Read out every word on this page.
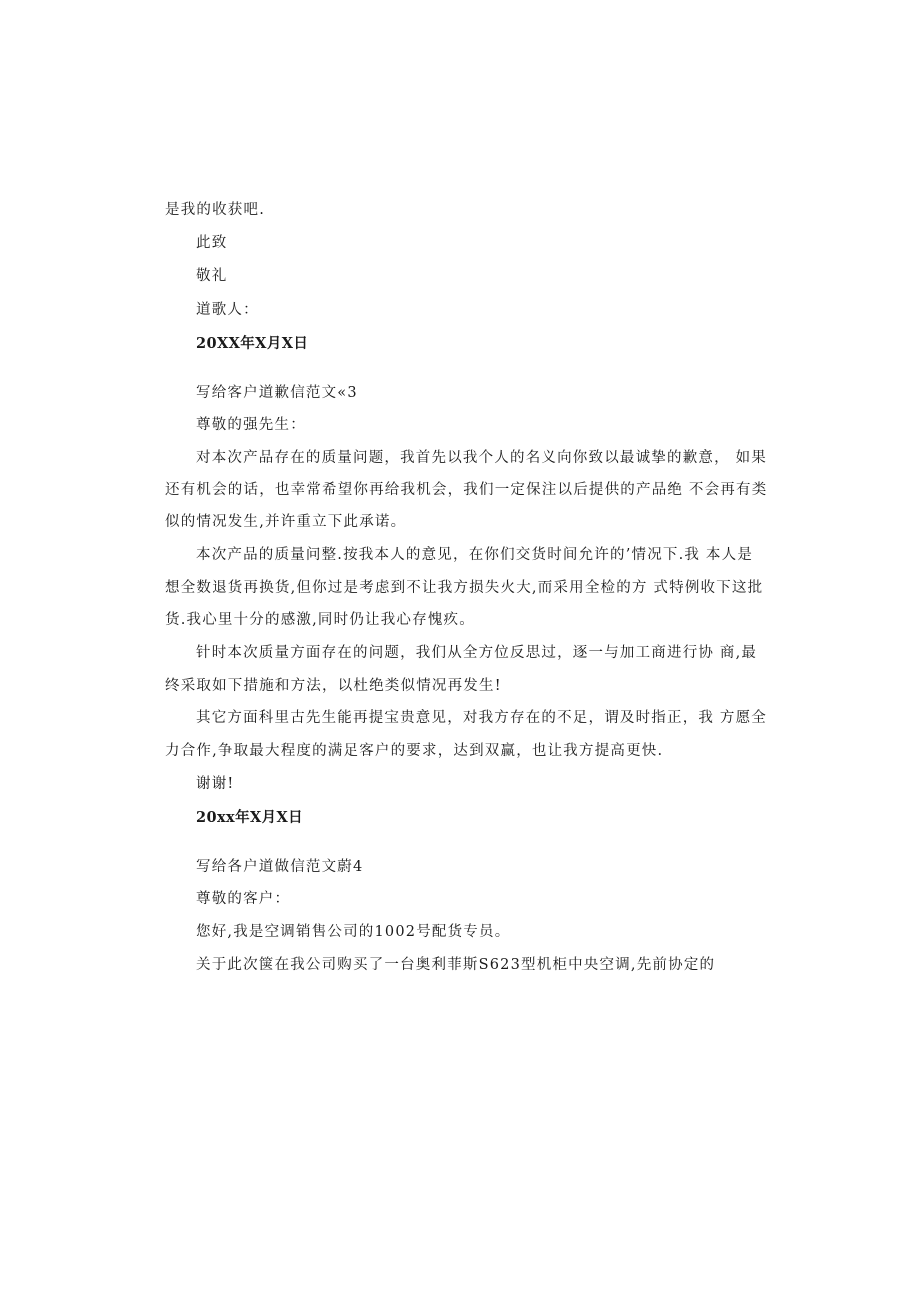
是我的收获吧.
此致
敬礼
道歌人：
20XX年X月X日
写给客户道歉信范文«3
尊敬的强先生：
对本次产品存在的质量问题，我首先以我个人的名义向你致以最诚挚的歉意， 如果
还有机会的话，也幸常希望你再给我机会，我们一定保注以后提供的产品绝 不会再有类
似的情况发生,并许重立下此承诺。
本次产品的质量问整.按我本人的意见，在你们交货时间允许的’情况下.我 本人是
想全数退货再换货,但你过是考虑到不让我方损失火大,而采用全检的方 式特例收下这批
货.我心里十分的感激,同时仍让我心存愧疚。
针时本次质量方面存在的问题，我们从全方位反思过，逐一与加工商进行协 商,最
终采取如下措施和方法，以杜绝类似情况再发生!
其它方面科里古先生能再提宝贵意见，对我方存在的不足，谓及时指正，我 方愿全
力合作,争取最大程度的满足客户的要求，达到双赢，也让我方提高更快.
谢谢!
20xx年X月X日
写给各户道做信范文蔚4
尊敬的客户：
您好,我是空调销售公司的1002号配货专员。
关于此次箧在我公司购买了一台奥利菲斯S623型机柜中央空调,先前协定的
